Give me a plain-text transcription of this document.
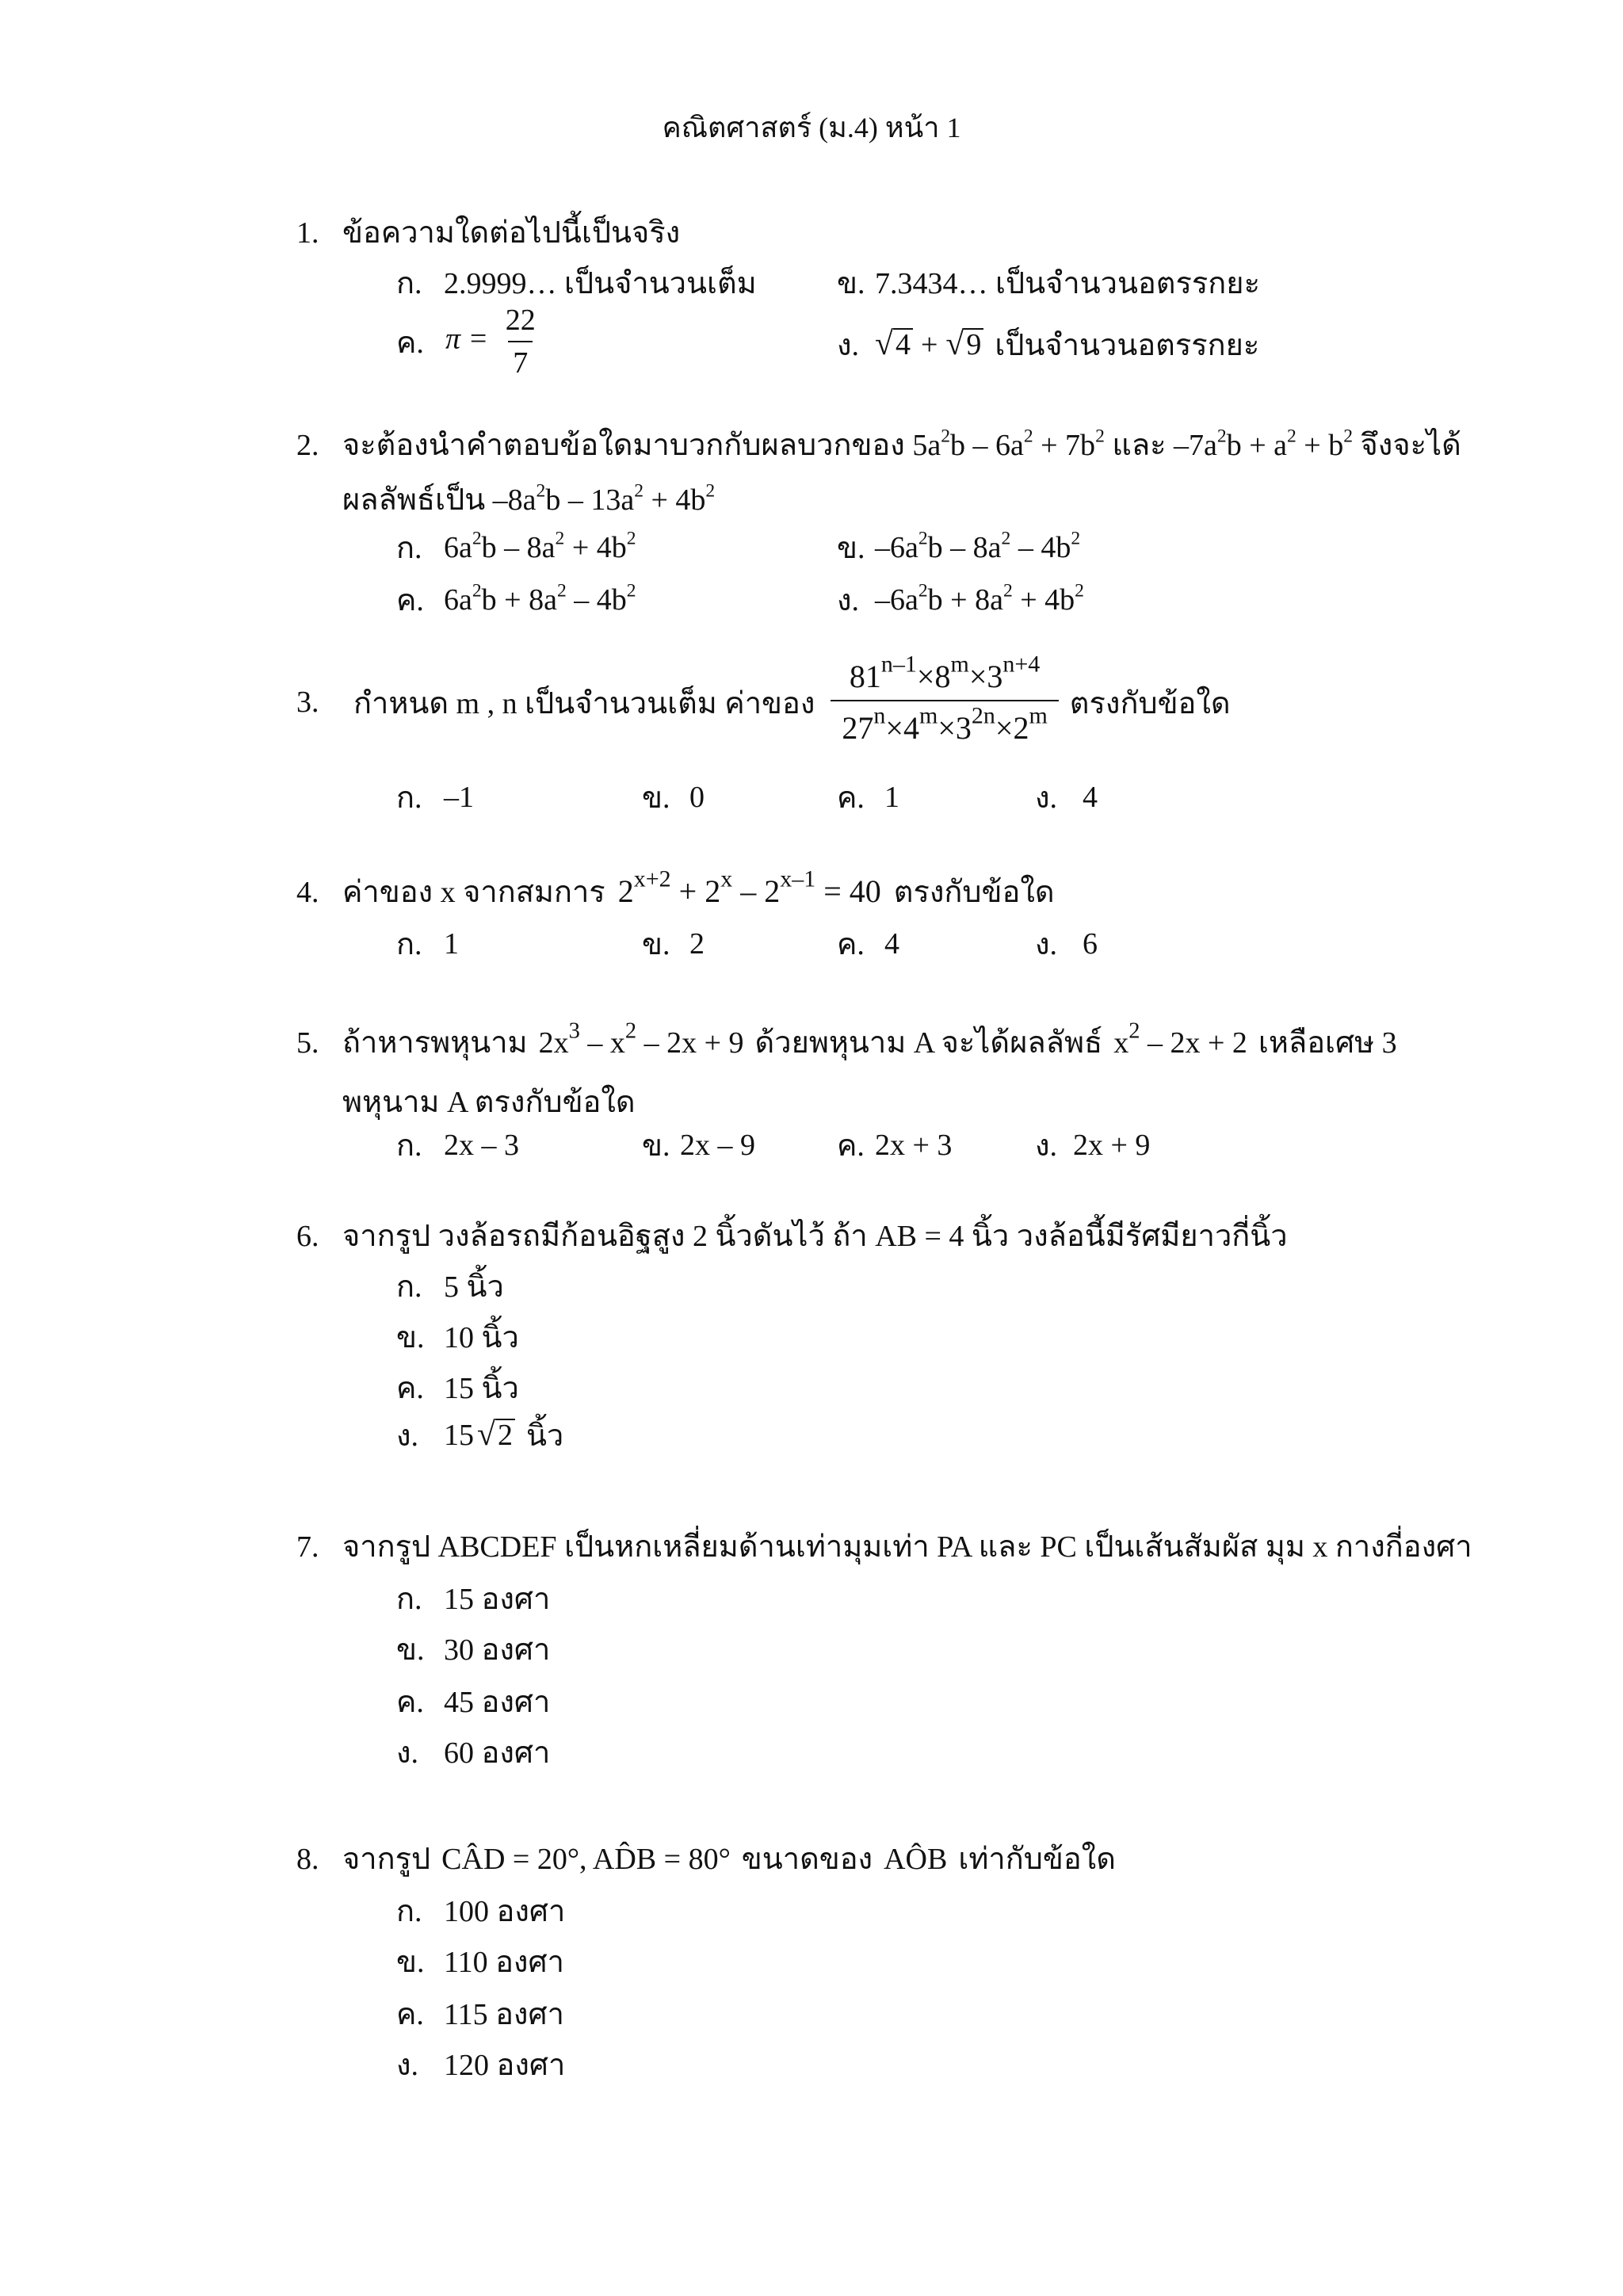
คณิตศาสตร์ (ม.4) หน้า 1
1. ข้อความใดต่อไปนี้เป็นจริง
ก. 2.9999… เป็นจำนวนเต็ม	ข. 7.3434… เป็นจำนวนอตรรกยะ
ค. $\pi = \frac{22}{7}$	ง. √ 4 + √ 9 เป็นจำนวนอตรรกยะ
2. จะต้องนำคำตอบข้อใดมาบวกกับผลบวกของ $5a^2b - 6a^2 + 7b^2$ และ $-7a^2b + a^2 + b^2$ จึงจะได้
ผลลัพธ์เป็น $-8a^2b - 13a^2 + 4b^2$
ก. $6a^2b - 8a^2 + 4b^2$	ข. $-6a^2b - 8a^2 - 4b^2$
ค. $6a^2b + 8a^2 - 4b^2$	ง. $-6a^2b + 8a^2 + 4b^2$
3.	กำหนด m , n เป็นจำนวนเต็ม ค่าของ $\frac{81^{n-1}\times 8^m\times 3^{n+4}}{27^n\times 4^m\times 3^{2n}\times 2^m}$ ตรงกับข้อใด
ก. –1	ข. 0	ค. 1	ง. 4
4. ค่าของ x จากสมการ $2^{x+2} + 2^x - 2^{x-1} = 40$ ตรงกับข้อใด
ก. 1	ข. 2	ค. 4	ง. 6
5. ถ้าหารพหุนาม $2x^3 - x^2 - 2x + 9$ ด้วยพหุนาม A จะได้ผลลัพธ์ $x^2 - 2x + 2$ เหลือเศษ 3
พหุนาม A ตรงกับข้อใด
ก. 2x – 3	ข. 2x – 9	ค. 2x + 3	ง. 2x + 9
6. จากรูป วงล้อรถมีก้อนอิฐสูง 2 นิ้วดันไว้ ถ้า AB = 4 นิ้ว วงล้อนี้มีรัศมียาวกี่นิ้ว
ก. 5 นิ้ว
ข. 10 นิ้ว
ค. 15 นิ้ว
ง. 15 √ 2 นิ้ว
7. จากรูป ABCDEF เป็นหกเหลี่ยมด้านเท่ามุมเท่า PA และ PC เป็นเส้นสัมผัส มุม x กางกี่องศา
ก. 15 องศา
ข. 30 องศา
ค. 45 องศา
ง. 60 องศา
8. จากรูป CÂD = 20°, AD̂B = 80° ขนาดของ AÔB เท่ากับข้อใด
ก. 100 องศา
ข. 110 องศา
ค. 115 องศา
ง. 120 องศา
